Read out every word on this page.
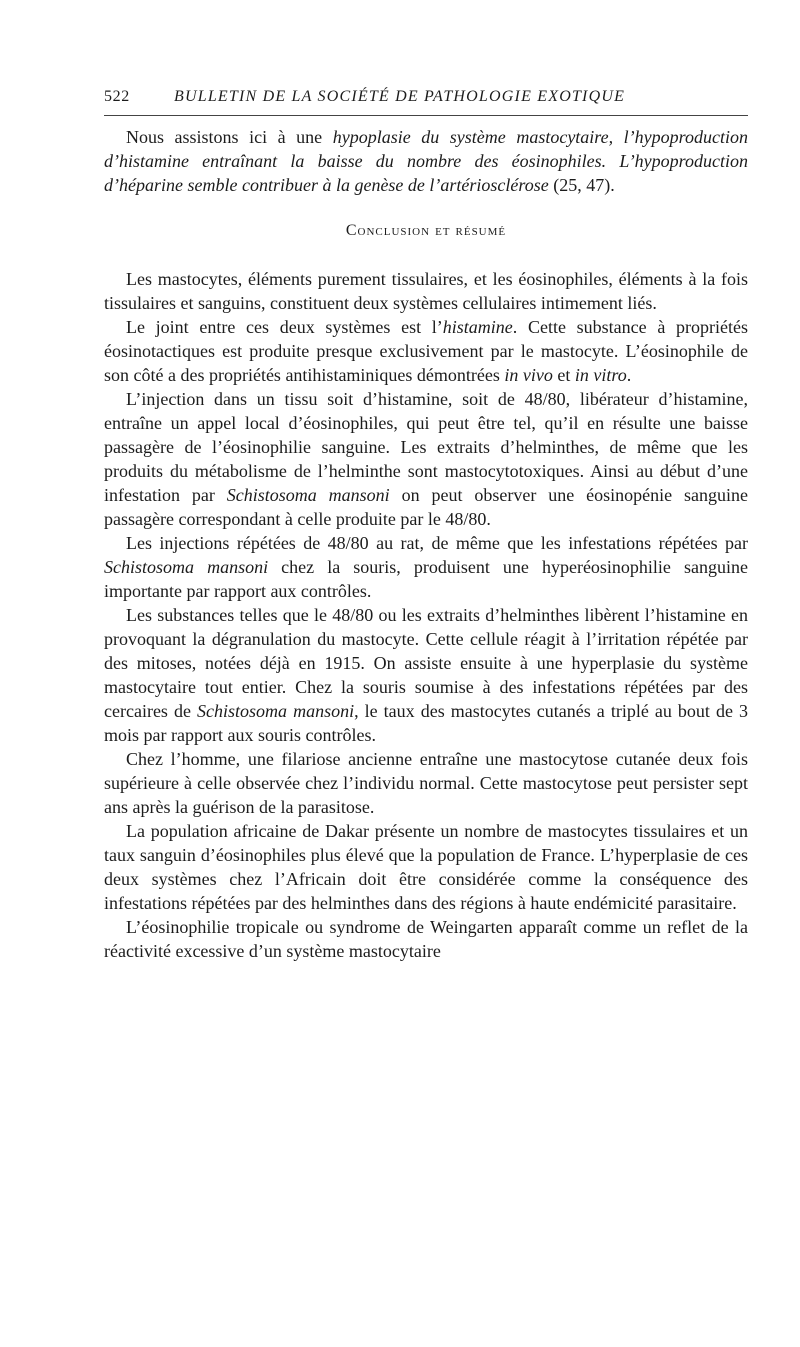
522	BULLETIN DE LA SOCIÉTÉ DE PATHOLOGIE EXOTIQUE

Nous assistons ici à une hypoplasie du système mastocytaire, l’hypoproduction d’histamine entraînant la baisse du nombre des éosinophiles. L’hypoproduction d’héparine semble contribuer à la genèse de l’artériosclérose (25, 47).

Conclusion et résumé

Les mastocytes, éléments purement tissulaires, et les éosinophiles, éléments à la fois tissulaires et sanguins, constituent deux systèmes cellulaires intimement liés.

Le joint entre ces deux systèmes est l’histamine. Cette substance à propriétés éosinotactiques est produite presque exclusivement par le mastocyte. L’éosinophile de son côté a des propriétés antihistaminiques démontrées in vivo et in vitro.

L’injection dans un tissu soit d’histamine, soit de 48/80, libérateur d’histamine, entraîne un appel local d’éosinophiles, qui peut être tel, qu’il en résulte une baisse passagère de l’éosinophilie sanguine. Les extraits d’helminthes, de même que les produits du métabolisme de l’helminthe sont mastocytotoxiques. Ainsi au début d’une infestation par Schistosoma mansoni on peut observer une éosinopénie sanguine passagère correspondant à celle produite par le 48/80.

Les injections répétées de 48/80 au rat, de même que les infestations répétées par Schistosoma mansoni chez la souris, produisent une hyperéosinophilie sanguine importante par rapport aux contrôles.

Les substances telles que le 48/80 ou les extraits d’helminthes libèrent l’histamine en provoquant la dégranulation du mastocyte. Cette cellule réagit à l’irritation répétée par des mitoses, notées déjà en 1915. On assiste ensuite à une hyperplasie du système mastocytaire tout entier. Chez la souris soumise à des infestations répétées par des cercaires de Schistosoma mansoni, le taux des mastocytes cutanés a triplé au bout de 3 mois par rapport aux souris contrôles.

Chez l’homme, une filariose ancienne entraîne une mastocytose cutanée deux fois supérieure à celle observée chez l’individu normal. Cette mastocytose peut persister sept ans après la guérison de la parasitose.

La population africaine de Dakar présente un nombre de mastocytes tissulaires et un taux sanguin d’éosinophiles plus élevé que la population de France. L’hyperplasie de ces deux systèmes chez l’Africain doit être considérée comme la conséquence des infestations répétées par des helminthes dans des régions à haute endémicité parasitaire.

L’éosinophilie tropicale ou syndrome de Weingarten apparaît comme un reflet de la réactivité excessive d’un système mastocytaire
